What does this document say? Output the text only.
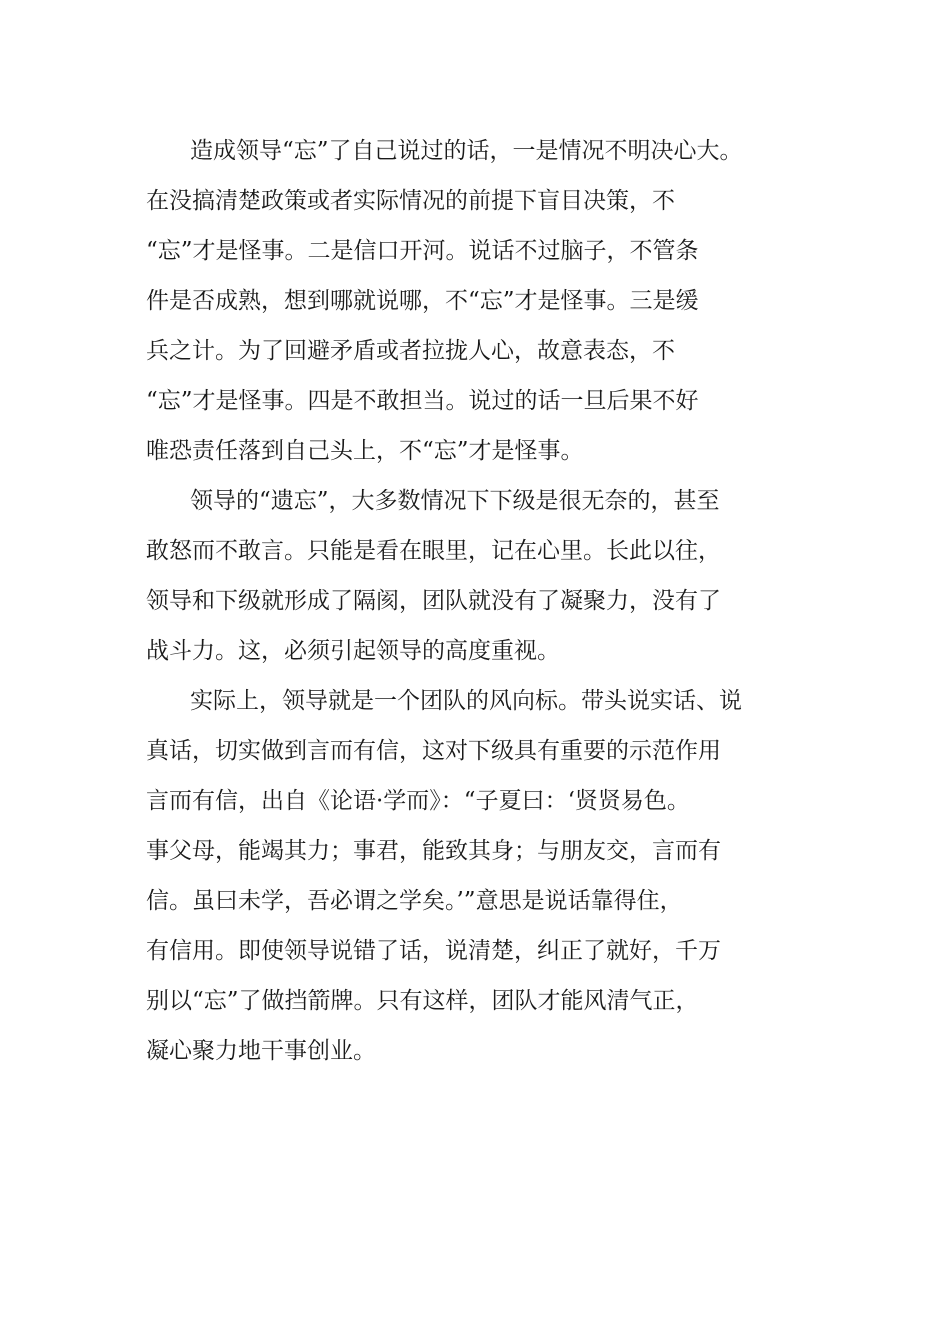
造成领导“忘”了自己说过的话，一是情况不明决心大。
在没搞清楚政策或者实际情况的前提下盲目决策，不
“忘”才是怪事。二是信口开河。说话不过脑子，不管条
件是否成熟，想到哪就说哪，不“忘”才是怪事。三是缓
兵之计。为了回避矛盾或者拉拢人心，故意表态，不
“忘”才是怪事。四是不敢担当。说过的话一旦后果不好
唯恐责任落到自己头上，不“忘”才是怪事。
领导的“遗忘”，大多数情况下下级是很无奈的，甚至
敢怒而不敢言。只能是看在眼里，记在心里。长此以往，
领导和下级就形成了隔阂，团队就没有了凝聚力，没有了
战斗力。这，必须引起领导的高度重视。
实际上，领导就是一个团队的风向标。带头说实话、说
真话，切实做到言而有信，这对下级具有重要的示范作用
言而有信，出自《论语·学而》：“子夏曰：‘贤贤易色。
事父母，能竭其力；事君，能致其身；与朋友交，言而有
信。虽曰未学，吾必谓之学矣。’”意思是说话靠得住，
有信用。即使领导说错了话，说清楚，纠正了就好，千万
别以“忘”了做挡箭牌。只有这样，团队才能风清气正，
凝心聚力地干事创业。
